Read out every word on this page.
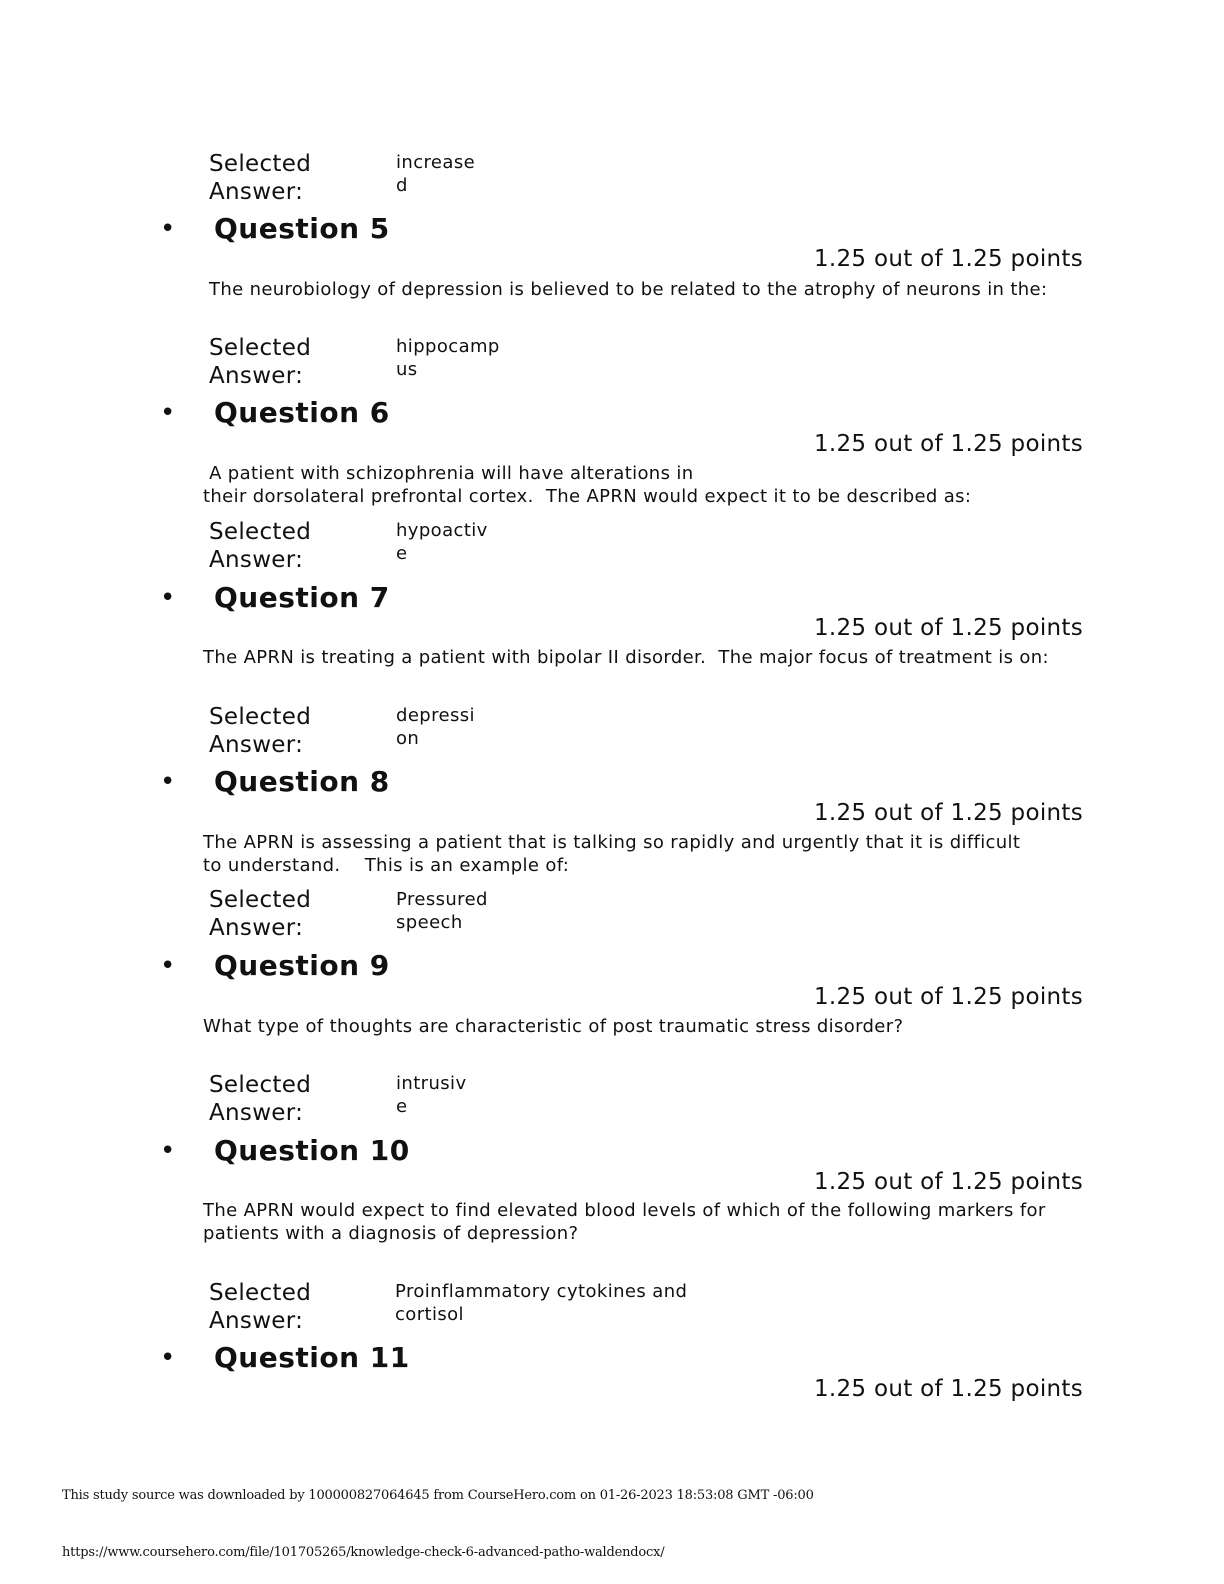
Selected
Answer:
increase
d
• Question 5
1.25 out of 1.25 points
The neurobiology of depression is believed to be related to the atrophy of neurons in the:
Selected
Answer:
hippocamp
us
• Question 6
1.25 out of 1.25 points
A patient with schizophrenia will have alterations in
their dorsolateral prefrontal cortex.  The APRN would expect it to be described as:
Selected
Answer:
hypoactiv
e
• Question 7
1.25 out of 1.25 points
The APRN is treating a patient with bipolar II disorder.  The major focus of treatment is on:
Selected
Answer:
depressi
on
• Question 8
1.25 out of 1.25 points
The APRN is assessing a patient that is talking so rapidly and urgently that it is difficult
to understand.    This is an example of:
Selected
Answer:
Pressured
speech
• Question 9
1.25 out of 1.25 points
What type of thoughts are characteristic of post traumatic stress disorder?
Selected
Answer:
intrusiv
e
• Question 10
1.25 out of 1.25 points
The APRN would expect to find elevated blood levels of which of the following markers for
patients with a diagnosis of depression?
Selected
Answer:
Proinflammatory cytokines and
cortisol
• Question 11
1.25 out of 1.25 points
This study source was downloaded by 100000827064645 from CourseHero.com on 01-26-2023 18:53:08 GMT -06:00
https://www.coursehero.com/file/101705265/knowledge-check-6-advanced-patho-waldendocx/
